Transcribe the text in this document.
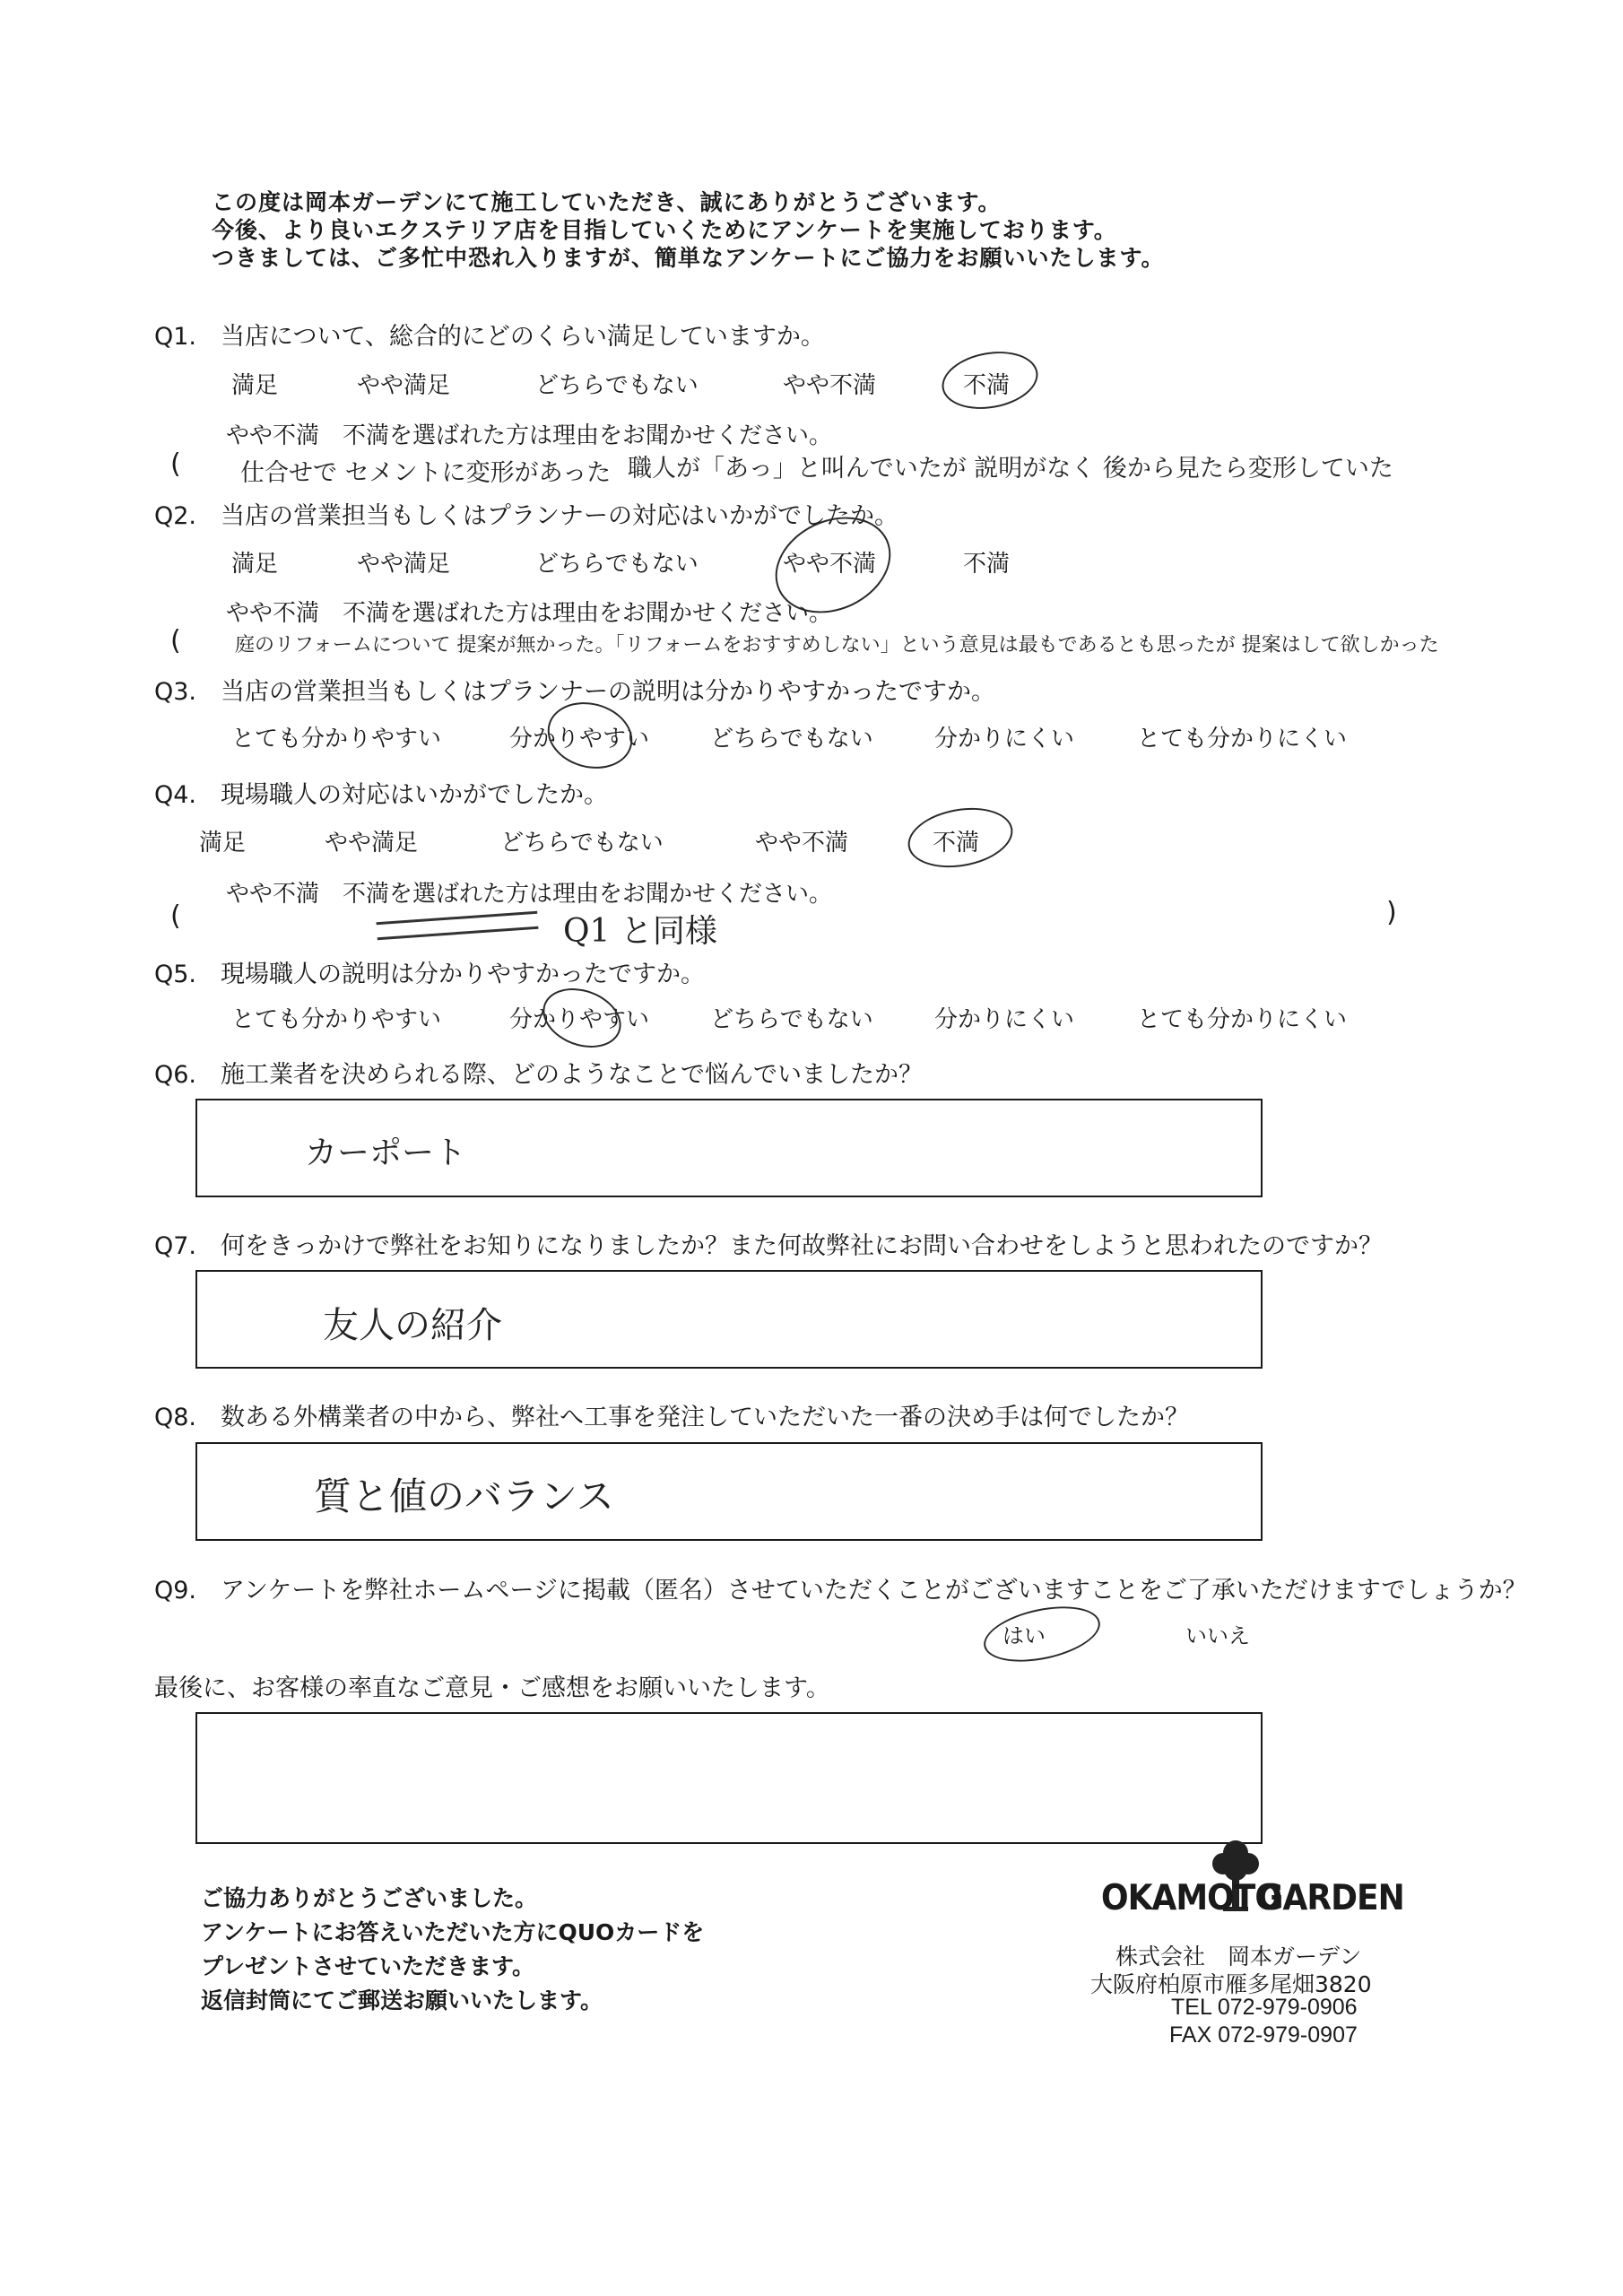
この度は岡本ガーデンにて施工していただき、誠にありがとうございます。
今後、より良いエクステリア店を目指していくためにアンケートを実施しております。
つきましては、ご多忙中恐れ入りますが、簡単なアンケートにご協力をお願いいたします。
Q1.　当店について、総合的にどのくらい満足していますか。
満足	やや満足	どちらでもない	やや不満	不満
やや不満　不満を選ばれた方は理由をお聞かせください。
( 仕合せで セメントに変形があった 職人が「あっ」と叫んでいたが 説明がなく 後から見たら変形していた
Q2.　当店の営業担当もしくはプランナーの対応はいかがでしたか。
満足	やや満足	どちらでもない	やや不満	不満
やや不満　不満を選ばれた方は理由をお聞かせください。
(	庭のリフォームについて 提案が無かった。「リフォームをおすすめしない」という意見は最もであるとも思ったが 提案はして欲しかった
Q3.　当店の営業担当もしくはプランナーの説明は分かりやすかったですか。
とても分かりやすい	分かりやすい	どちらでもない	分かりにくい	とても分かりにくい
Q4.　現場職人の対応はいかがでしたか。
満足	やや満足	どちらでもない	やや不満	不満
やや不満　不満を選ばれた方は理由をお聞かせください。
(	Q1 と同様
)
Q5.　現場職人の説明は分かりやすかったですか。
とても分かりやすい	分かりやすい	どちらでもない	分かりにくい	とても分かりにくい
Q6.　施工業者を決められる際、どのようなことで悩んでいましたか？
カーポート
Q7.　何をきっかけで弊社をお知りになりましたか？また何故弊社にお問い合わせをしようと思われたのですか？
友人の紹介
Q8.　数ある外構業者の中から、弊社へ工事を発注していただいた一番の決め手は何でしたか？
質と値のバランス
Q9.　アンケートを弊社ホームページに掲載（匿名）させていただくことがございますことをご了承いただけますでしょうか？
はい	いいえ
最後に、お客様の率直なご意見・ご感想をお願いいたします。
ご協力ありがとうございました。
アンケートにお答えいただいた方にQUOカードを
プレゼントさせていただきます。
返信封筒にてご郵送お願いいたします。
OKAMOTO
GARDEN
株式会社　岡本ガーデン
大阪府柏原市雁多尾畑3820
TEL 072-979-0906
FAX 072-979-0907
